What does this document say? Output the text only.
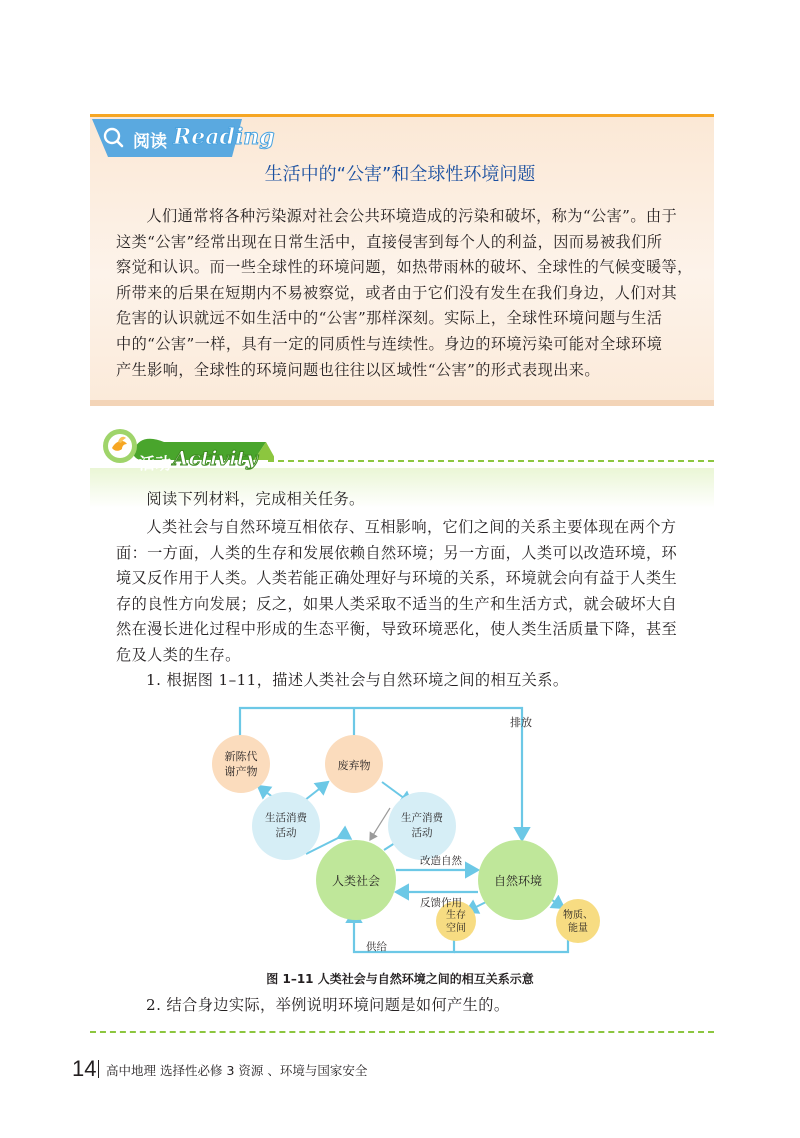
阅读 Reading
生活中的“公害”和全球性环境问题
人们通常将各种污染源对社会公共环境造成的污染和破坏，称为“公害”。由于
这类“公害”经常出现在日常生活中，直接侵害到每个人的利益，因而易被我们所
察觉和认识。而一些全球性的环境问题，如热带雨林的破坏、全球性的气候变暖等，
所带来的后果在短期内不易被察觉，或者由于它们没有发生在我们身边，人们对其
危害的认识就远不如生活中的“公害”那样深刻。实际上，全球性环境问题与生活
中的“公害”一样，具有一定的同质性与连续性。身边的环境污染可能对全球环境
产生影响，全球性的环境问题也往往以区域性“公害”的形式表现出来。
活动 Activity
阅读下列材料，完成相关任务。
人类社会与自然环境互相依存、互相影响，它们之间的关系主要体现在两个方
面：一方面，人类的生存和发展依赖自然环境；另一方面，人类可以改造环境，环
境又反作用于人类。人类若能正确处理好与环境的关系，环境就会向有益于人类生
存的良性方向发展；反之，如果人类采取不适当的生产和生活方式，就会破坏大自
然在漫长进化过程中形成的生态平衡，导致环境恶化，使人类生活质量下降，甚至
危及人类的生存。
1. 根据图 1–11，描述人类社会与自然环境之间的相互关系。
新陈代
谢产物	废弃物
生活消费
活动
生产消费
活动
人类社会	自然环境
生存
空间
物质、
能量
排放
改造自然
反馈作用
供给
图 1–11 人类社会与自然环境之间的相互关系示意
2. 结合身边实际，举例说明环境问题是如何产生的。
14 高中地理 选择性必修 3 资源 、环境与国家安全
